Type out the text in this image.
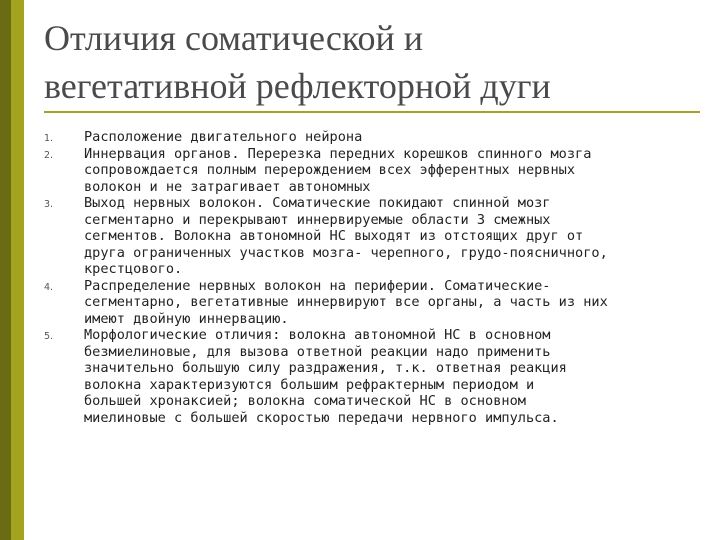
Отличия соматической и
вегетативной рефлекторной дуги
1.	Расположение двигательного нейрона
2.	Иннервация органов. Перерезка передних корешков спинного мозга
сопровождается полным перерождением всех эфферентных нервных
волокон и не затрагивает автономных
3.	Выход нервных волокон. Соматические покидают спинной мозг
сегментарно и перекрывают иннервируемые области 3 смежных
сегментов. Волокна автономной НС выходят из отстоящих друг от
друга ограниченных участков мозга- черепного, грудо-поясничного,
крестцового.
4.	Распределение нервных волокон на периферии. Соматические-
сегментарно, вегетативные иннервируют все органы, а часть из них
имеют двойную иннервацию.
5.	Морфологические отличия: волокна автономной НС в основном
безмиелиновые, для вызова ответной реакции надо применить
значительно большую силу раздражения, т.к. ответная реакция
волокна характеризуются большим рефрактерным периодом и
большей хронаксией; волокна соматической НС в основном
миелиновые с большей скоростью передачи нервного импульса.
